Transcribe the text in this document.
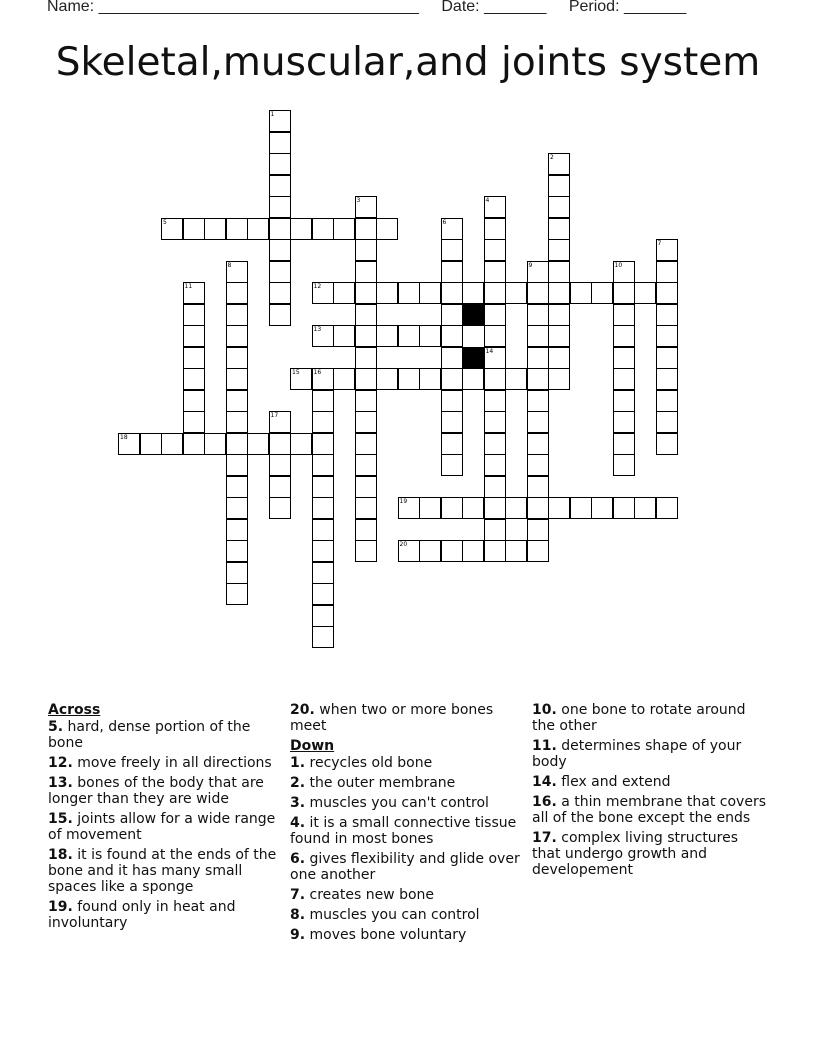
Name: ____________________________________ Date: _______ Period: _______
Skeletal,muscular,and joints system
1
2
3	4
14
5	6
7
8	9	10
11	12
13
15 16
17
18
19
20
Across
5. hard, dense portion of the bone
12. move freely in all directions
13. bones of the body that are longer than they are wide
15. joints allow for a wide range of movement
18. it is found at the ends of the bone and it has many small spaces like a sponge
19. found only in heat and involuntary
20. when two or more bones meet
Down
1. recycles old bone
2. the outer membrane
3. muscles you can't control
4. it is a small connective tissue found in most bones
6. gives flexibility and glide over one another
7. creates new bone
8. muscles you can control
9. moves bone voluntary
10. one bone to rotate around the other
11. determines shape of your body
14. flex and extend
16. a thin membrane that covers all of the bone except the ends
17. complex living structures that undergo growth and developement
